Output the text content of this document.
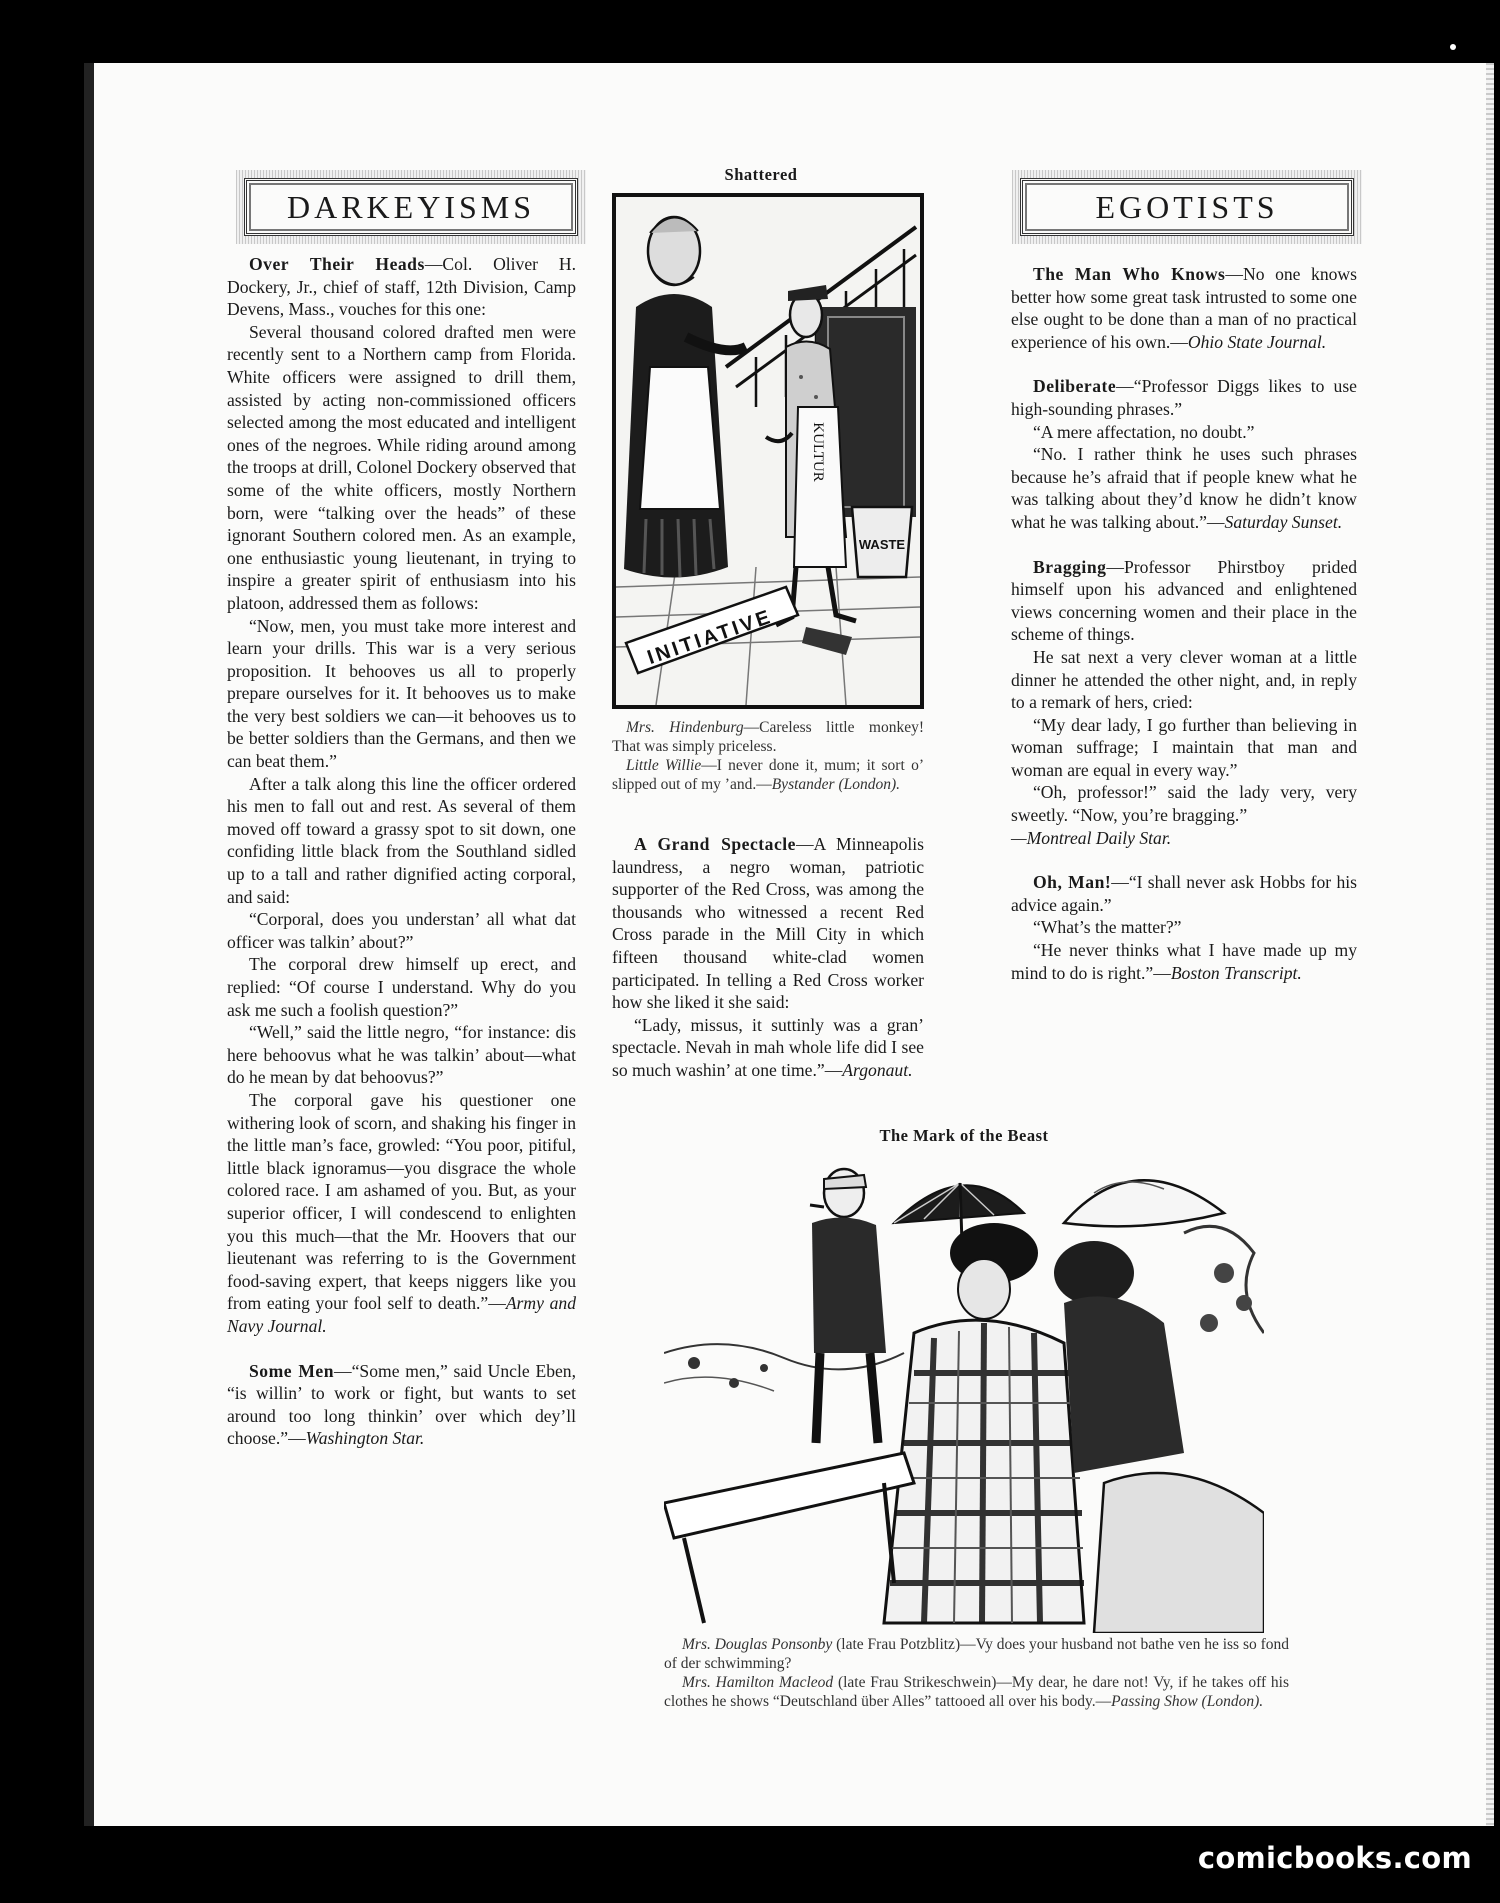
DARKEYISMS

Over Their Heads—Col. Oliver H. Dockery, Jr., chief of staff, 12th Division, Camp Devens, Mass., vouches for this one:

Several thousand colored drafted men were recently sent to a Northern camp from Florida. White officers were assigned to drill them, assisted by acting non-commissioned officers selected among the most educated and intelligent ones of the negroes. While riding around among the troops at drill, Colonel Dockery observed that some of the white officers, mostly Northern born, were “talking over the heads” of these ignorant Southern colored men. As an example, one enthusiastic young lieutenant, in trying to inspire a greater spirit of enthusiasm into his platoon, addressed them as follows:

“Now, men, you must take more interest and learn your drills. This war is a very serious proposition. It behooves us all to properly prepare ourselves for it. It behooves us to make the very best soldiers we can—it behooves us to be better soldiers than the Germans, and then we can beat them.”

After a talk along this line the officer ordered his men to fall out and rest. As several of them moved off toward a grassy spot to sit down, one confiding little black from the Southland sidled up to a tall and rather dignified acting corporal, and said:

“Corporal, does you understan’ all what dat officer was talkin’ about?”

The corporal drew himself up erect, and replied: “Of course I understand. Why do you ask me such a foolish question?”

“Well,” said the little negro, “for instance: dis here behoovus what he was talkin’ about—what do he mean by dat behoovus?”

The corporal gave his questioner one withering look of scorn, and shaking his finger in the little man’s face, growled: “You poor, pitiful, little black ignoramus—you disgrace the whole colored race. I am ashamed of you. But, as your superior officer, I will condescend to enlighten you this much—that the Mr. Hoovers that our lieutenant was referring to is the Government food-saving expert, that keeps niggers like you from eating your fool self to death.”—Army and Navy Journal.

Some Men—“Some men,” said Uncle Eben, “is willin’ to work or fight, but wants to set around too long thinkin’ over which dey’ll choose.”—Washington Star.

Shattered
KULTUR
WASTE
INITIATIVE

Mrs. Hindenburg—Careless little monkey! That was simply priceless.

Little Willie—I never done it, mum; it sort o’ slipped out of my ’and.—Bystander (London).

A Grand Spectacle—A Minneapolis laundress, a negro woman, patriotic supporter of the Red Cross, was among the thousands who witnessed a recent Red Cross parade in the Mill City in which fifteen thousand white-clad women participated. In telling a Red Cross worker how she liked it she said:

“Lady, missus, it suttinly was a gran’ spectacle. Nevah in mah whole life did I see so much washin’ at one time.”—Argonaut.

EGOTISTS

The Man Who Knows—No one knows better how some great task intrusted to some one else ought to be done than a man of no practical experience of his own.—Ohio State Journal.

Deliberate—“Professor Diggs likes to use high-sounding phrases.”

“A mere affectation, no doubt.”

“No. I rather think he uses such phrases because he’s afraid that if people knew what he was talking about they’d know he didn’t know what he was talking about.”—Saturday Sunset.

Bragging—Professor Phirstboy prided himself upon his advanced and enlightened views concerning women and their place in the scheme of things.

He sat next a very clever woman at a little dinner he attended the other night, and, in reply to a remark of hers, cried:

“My dear lady, I go further than believing in woman suffrage; I maintain that man and woman are equal in every way.”

“Oh, professor!” said the lady very, very sweetly. “Now, you’re bragging.”

—Montreal Daily Star.

Oh, Man!—“I shall never ask Hobbs for his advice again.”

“What’s the matter?”

“He never thinks what I have made up my mind to do is right.”—Boston Transcript.

The Mark of the Beast

Mrs. Douglas Ponsonby (late Frau Potzblitz)—Vy does your husband not bathe ven he iss so fond of der schwimming?

Mrs. Hamilton Macleod (late Frau Strikeschwein)—My dear, he dare not! Vy, if he takes off his clothes he shows “Deutschland über Alles” tattooed all over his body.—Passing Show (London).

comicbooks.com
